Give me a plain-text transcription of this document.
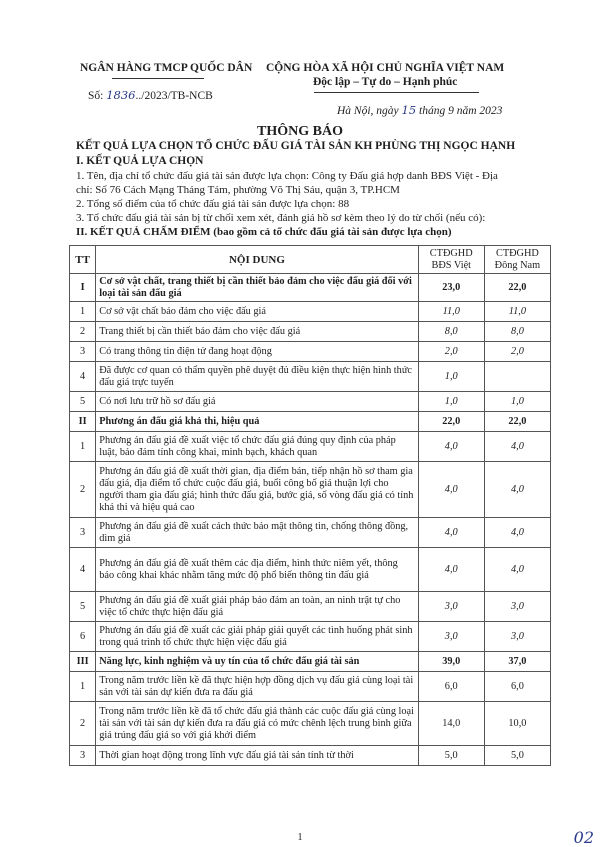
NGÂN HÀNG TMCP QUỐC DÂN CỘNG HÒA XÃ HỘI CHỦ NGHĨA VIỆT NAM
Độc lập – Tự do – Hạnh phúc
Số: 1836../2023/TB-NCB
Hà Nội, ngày 15 tháng 9 năm 2023
THÔNG BÁO
KẾT QUẢ LỰA CHỌN TỔ CHỨC ĐẤU GIÁ TÀI SẢN KH PHÙNG THỊ NGỌC HẠNH
I. KẾT QUẢ LỰA CHỌN
1. Tên, địa chỉ tổ chức đấu giá tài sản được lựa chọn: Công ty Đấu giá hợp danh BĐS Việt - Địa
chỉ: Số 76 Cách Mạng Tháng Tám, phường Võ Thị Sáu, quận 3, TP.HCM
2. Tổng số điểm của tổ chức đấu giá tài sản được lựa chọn: 88
3. Tổ chức đấu giá tài sản bị từ chối xem xét, đánh giá hồ sơ kèm theo lý do từ chối (nếu có):
II. KẾT QUẢ CHẤM ĐIỂM (bao gồm cả tổ chức đấu giá tài sản được lựa chọn)
TT	NỘI DUNG	CTĐGHD BĐS Việt	CTĐGHD Đông Nam
I	Cơ sở vật chất, trang thiết bị cần thiết bảo đảm cho việc đấu giá đối với loại tài sản đấu giá	23,0	22,0
1	Cơ sở vật chất bảo đảm cho việc đấu giá	11,0	11,0
2	Trang thiết bị cần thiết bảo đảm cho việc đấu giá	8,0	8,0
3	Có trang thông tin điện tử đang hoạt động	2,0	2,0
4	Đã được cơ quan có thẩm quyền phê duyệt đủ điều kiện thực hiện hình thức đấu giá trực tuyến	1,0	
5	Có nơi lưu trữ hồ sơ đấu giá	1,0	1,0
II	Phương án đấu giá khả thi, hiệu quả	22,0	22,0
1	Phương án đấu giá đề xuất việc tổ chức đấu giá đúng quy định của pháp luật, bảo đảm tính công khai, minh bạch, khách quan	4,0	4,0
2	Phương án đấu giá đề xuất thời gian, địa điểm bán, tiếp nhận hồ sơ tham gia đấu giá, địa điểm tổ chức cuộc đấu giá, buổi công bố giá thuận lợi cho người tham gia đấu giá; hình thức đấu giá, bước giá, số vòng đấu giá có tính khả thi và hiệu quả cao	4,0	4,0
3	Phương án đấu giá đề xuất cách thức bảo mật thông tin, chống thông đồng, dìm giá	4,0	4,0
4	Phương án đấu giá đề xuất thêm các địa điểm, hình thức niêm yết, thông báo công khai khác nhằm tăng mức độ phổ biến thông tin đấu giá	4,0	4,0
5	Phương án đấu giá đề xuất giải pháp bảo đảm an toàn, an ninh trật tự cho việc tổ chức thực hiện đấu giá	3,0	3,0
6	Phương án đấu giá đề xuất các giải pháp giải quyết các tình huống phát sinh trong quá trình tổ chức thực hiện việc đấu giá	3,0	3,0
III	Năng lực, kinh nghiệm và uy tín của tổ chức đấu giá tài sản	39,0	37,0
1	Trong năm trước liền kề đã thực hiện hợp đồng dịch vụ đấu giá cùng loại tài sản với tài sản dự kiến đưa ra đấu giá	6,0	6,0
2	Trong năm trước liền kề đã tổ chức đấu giá thành các cuộc đấu giá cùng loại tài sản với tài sản dự kiến đưa ra đấu giá có mức chênh lệch trung bình giữa giá trúng đấu giá so với giá khởi điểm	14,0	10,0
3	Thời gian hoạt động trong lĩnh vực đấu giá tài sản tính từ thời	5,0	5,0
1	02
